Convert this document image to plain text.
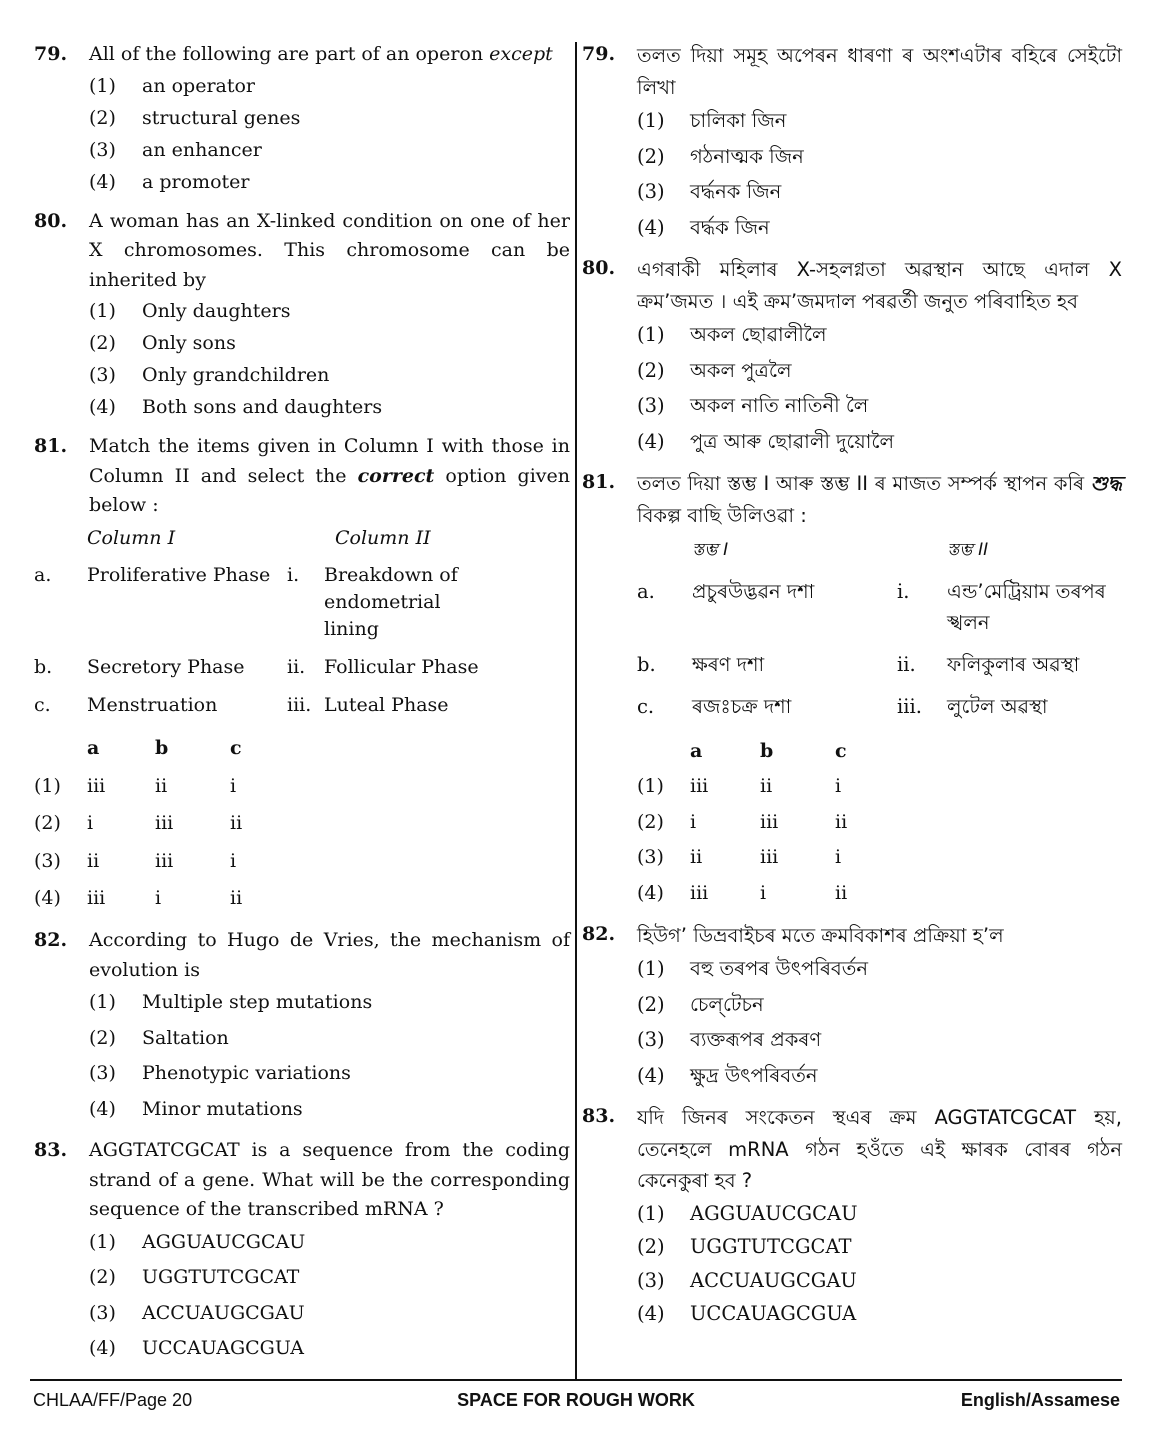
79. All of the following are part of an operon except
(1) an operator
(2) structural genes
(3) an enhancer
(4) a promoter
80. A woman has an X-linked condition on one of her X chromosomes. This chromosome can be inherited by
(1) Only daughters
(2) Only sons
(3) Only grandchildren
(4) Both sons and daughters
81. Match the items given in Column I with those in Column II and select the correct option given below :
	Column I		Column II
a.	Proliferative Phase	i.	Breakdown of endometrial lining

b.	Secretory Phase	ii.	Follicular Phase
c.	Menstruation	iii.	Luteal Phase
	a	b	c
(1)	iii	ii	i
(2)	i	iii	ii
(3)	ii	iii	i
(4)	iii	i	ii
82. According to Hugo de Vries, the mechanism of evolution is
(1) Multiple step mutations
(2) Saltation
(3) Phenotypic variations
(4) Minor mutations
83. AGGTATCGCAT is a sequence from the coding strand of a gene. What will be the corresponding sequence of the transcribed mRNA ?
(1) AGGUAUCGCAU
(2) UGGTUTCGCAT
(3) ACCUAUGCGAU
(4) UCCAUAGCGUA
79. তলত দিয়া সমূহ অপেৰন ধাৰণা ৰ অংশএটাৰ বহিৰে সেইটো লিখা
(1) চালিকা জিন
(2) গঠনাত্মক জিন
(3) বৰ্দ্ধনক জিন
(4) বৰ্দ্ধক জিন
80. এগৰাকী মহিলাৰ X-সহলগ্নতা অৱস্থান আছে এদাল X ক্ৰম’জমত । এই ক্ৰম’জমদাল পৰৱৰ্তী জনুত পৰিবাহিত হব
(1) অকল ছোৱালীলৈ
(2) অকল পুত্ৰলৈ
(3) অকল নাতি নাতিনী লৈ
(4) পুত্ৰ আৰু ছোৱালী দুয়োলৈ
81. তলত দিয়া স্তম্ভ I আৰু স্তম্ভ II ৰ মাজত সম্পৰ্ক স্থাপন কৰি শুদ্ধ বিকল্প বাছি উলিওৱা :
	স্তম্ভ I		স্তম্ভ II
a.	প্ৰচুৰউদ্ভৱন দশা	i.	এন্ড’মেট্ৰিয়াম তৰপৰ স্খলন
b.	ক্ষৰণ দশা	ii.	ফলিকুলাৰ অৱস্থা
c.	ৰজঃচক্ৰ দশা	iii.	লুটেল অৱস্থা
	a	b	c
(1)	iii	ii	i
(2)	i	iii	ii
(3)	ii	iii	i
(4)	iii	i	ii
82. হিউগ’ ডিভ্ৰবাইচৰ মতে ক্ৰমবিকাশৰ প্ৰক্ৰিয়া হ’ল
(1) বহু তৰপৰ উৎপৰিবৰ্তন
(2) চেল্‌টেচন
(3) ব্যক্তৰূপৰ প্ৰকৰণ
(4) ক্ষুদ্ৰ উৎপৰিবৰ্তন
83. যদি জিনৰ সংকেতন স্থএৰ ক্ৰম AGGTATCGCAT হয়, তেনেহলে mRNA গঠন হওঁতে এই ক্ষাৰক বোৰৰ গঠন কেনেকুৰা হব ?
(1) AGGUAUCGCAU
(2) UGGTUTCGCAT
(3) ACCUAUGCGAU
(4) UCCAUAGCGUA
CHLAA/FF/Page 20	SPACE FOR ROUGH WORK	English/Assamese
